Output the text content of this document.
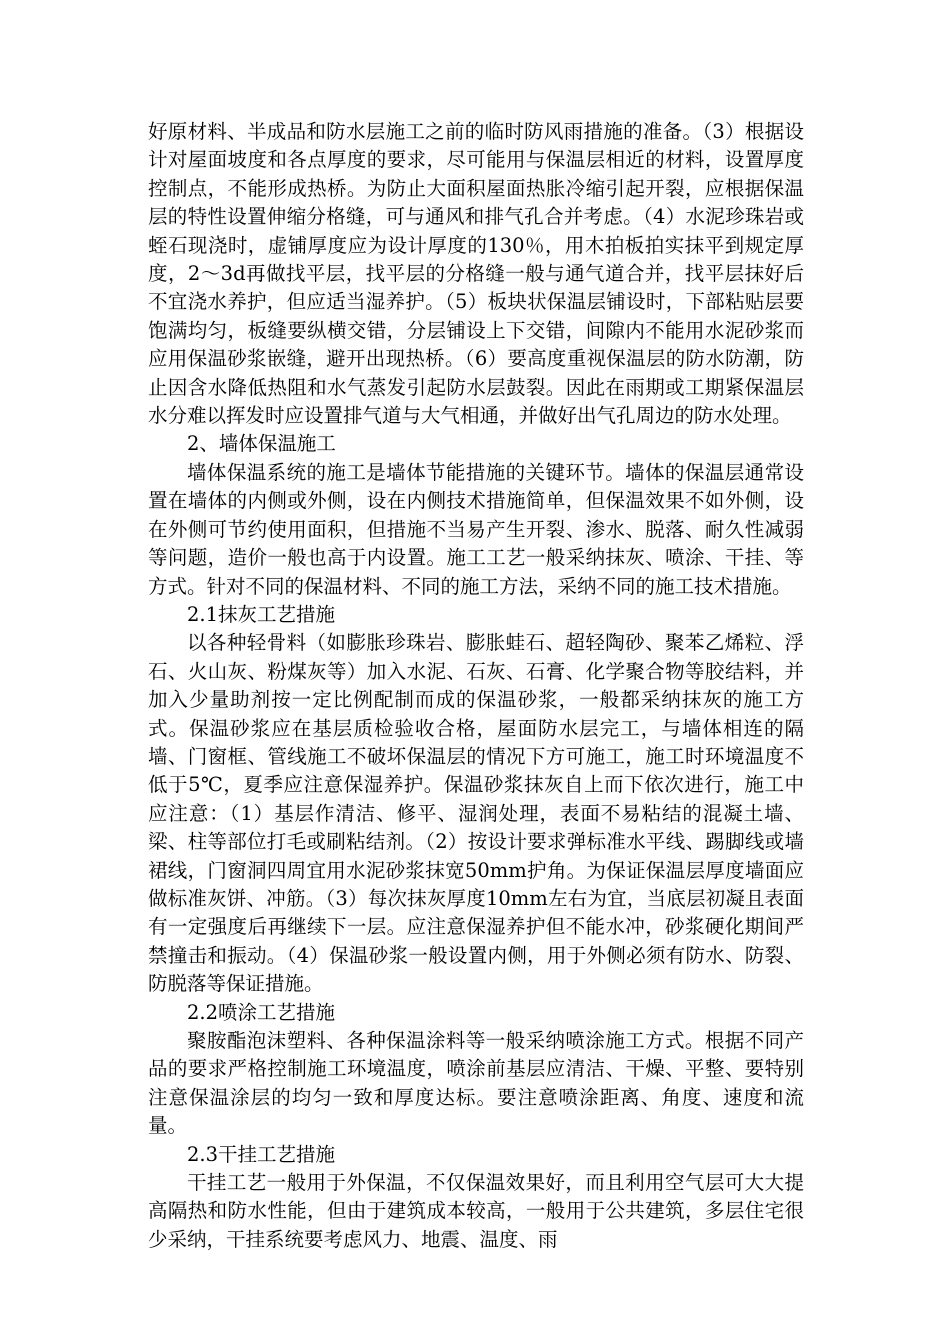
好原材料、半成品和防水层施工之前的临时防风雨措施的准备。（3）根据设计对屋面坡度和各点厚度的要求，尽可能用与保温层相近的材料，设置厚度控制点，不能形成热桥。为防止大面积屋面热胀冷缩引起开裂，应根据保温层的特性设置伸缩分格缝，可与通风和排气孔合并考虑。（4）水泥珍珠岩或蛭石现浇时，虚铺厚度应为设计厚度的130％，用木拍板拍实抹平到规定厚度，2～3d再做找平层，找平层的分格缝一般与通气道合并，找平层抹好后不宜浇水养护，但应适当湿养护。（5）板块状保温层铺设时，下部粘贴层要饱满均匀，板缝要纵横交错，分层铺设上下交错，间隙内不能用水泥砂浆而应用保温砂浆嵌缝，避开出现热桥。（6）要高度重视保温层的防水防潮，防止因含水降低热阻和水气蒸发引起防水层鼓裂。因此在雨期或工期紧保温层水分难以挥发时应设置排气道与大气相通，并做好出气孔周边的防水处理。

2、墙体保温施工

墙体保温系统的施工是墙体节能措施的关键环节。墙体的保温层通常设置在墙体的内侧或外侧，设在内侧技术措施简单，但保温效果不如外侧，设在外侧可节约使用面积，但措施不当易产生开裂、渗水、脱落、耐久性减弱等问题，造价一般也高于内设置。施工工艺一般采纳抹灰、喷涂、干挂、等方式。针对不同的保温材料、不同的施工方法，采纳不同的施工技术措施。

2.1抹灰工艺措施

以各种轻骨料（如膨胀珍珠岩、膨胀蛙石、超轻陶砂、聚苯乙烯粒、浮石、火山灰、粉煤灰等）加入水泥、石灰、石膏、化学聚合物等胶结料，并加入少量助剂按一定比例配制而成的保温砂浆，一般都采纳抹灰的施工方式。保温砂浆应在基层质检验收合格，屋面防水层完工，与墙体相连的隔墙、门窗框、管线施工不破坏保温层的情况下方可施工，施工时环境温度不低于5℃，夏季应注意保湿养护。保温砂浆抹灰自上而下依次进行，施工中应注意：（1）基层作清洁、修平、湿润处理，表面不易粘结的混凝土墙、梁、柱等部位打毛或刷粘结剂。（2）按设计要求弹标准水平线、踢脚线或墙裙线，门窗洞四周宜用水泥砂浆抹宽50mm护角。为保证保温层厚度墙面应做标准灰饼、冲筋。（3）每次抹灰厚度10mm左右为宜，当底层初凝且表面有一定强度后再继续下一层。应注意保湿养护但不能水冲，砂浆硬化期间严禁撞击和振动。（4）保温砂浆一般设置内侧，用于外侧必须有防水、防裂、防脱落等保证措施。

2.2喷涂工艺措施

聚胺酯泡沫塑料、各种保温涂料等一般采纳喷涂施工方式。根据不同产品的要求严格控制施工环境温度，喷涂前基层应清洁、干燥、平整、要特别注意保温涂层的均匀一致和厚度达标。要注意喷涂距离、角度、速度和流量。

2.3干挂工艺措施

干挂工艺一般用于外保温，不仅保温效果好，而且利用空气层可大大提高隔热和防水性能，但由于建筑成本较高，一般用于公共建筑，多层住宅很少采纳，干挂系统要考虑风力、地震、温度、雨
